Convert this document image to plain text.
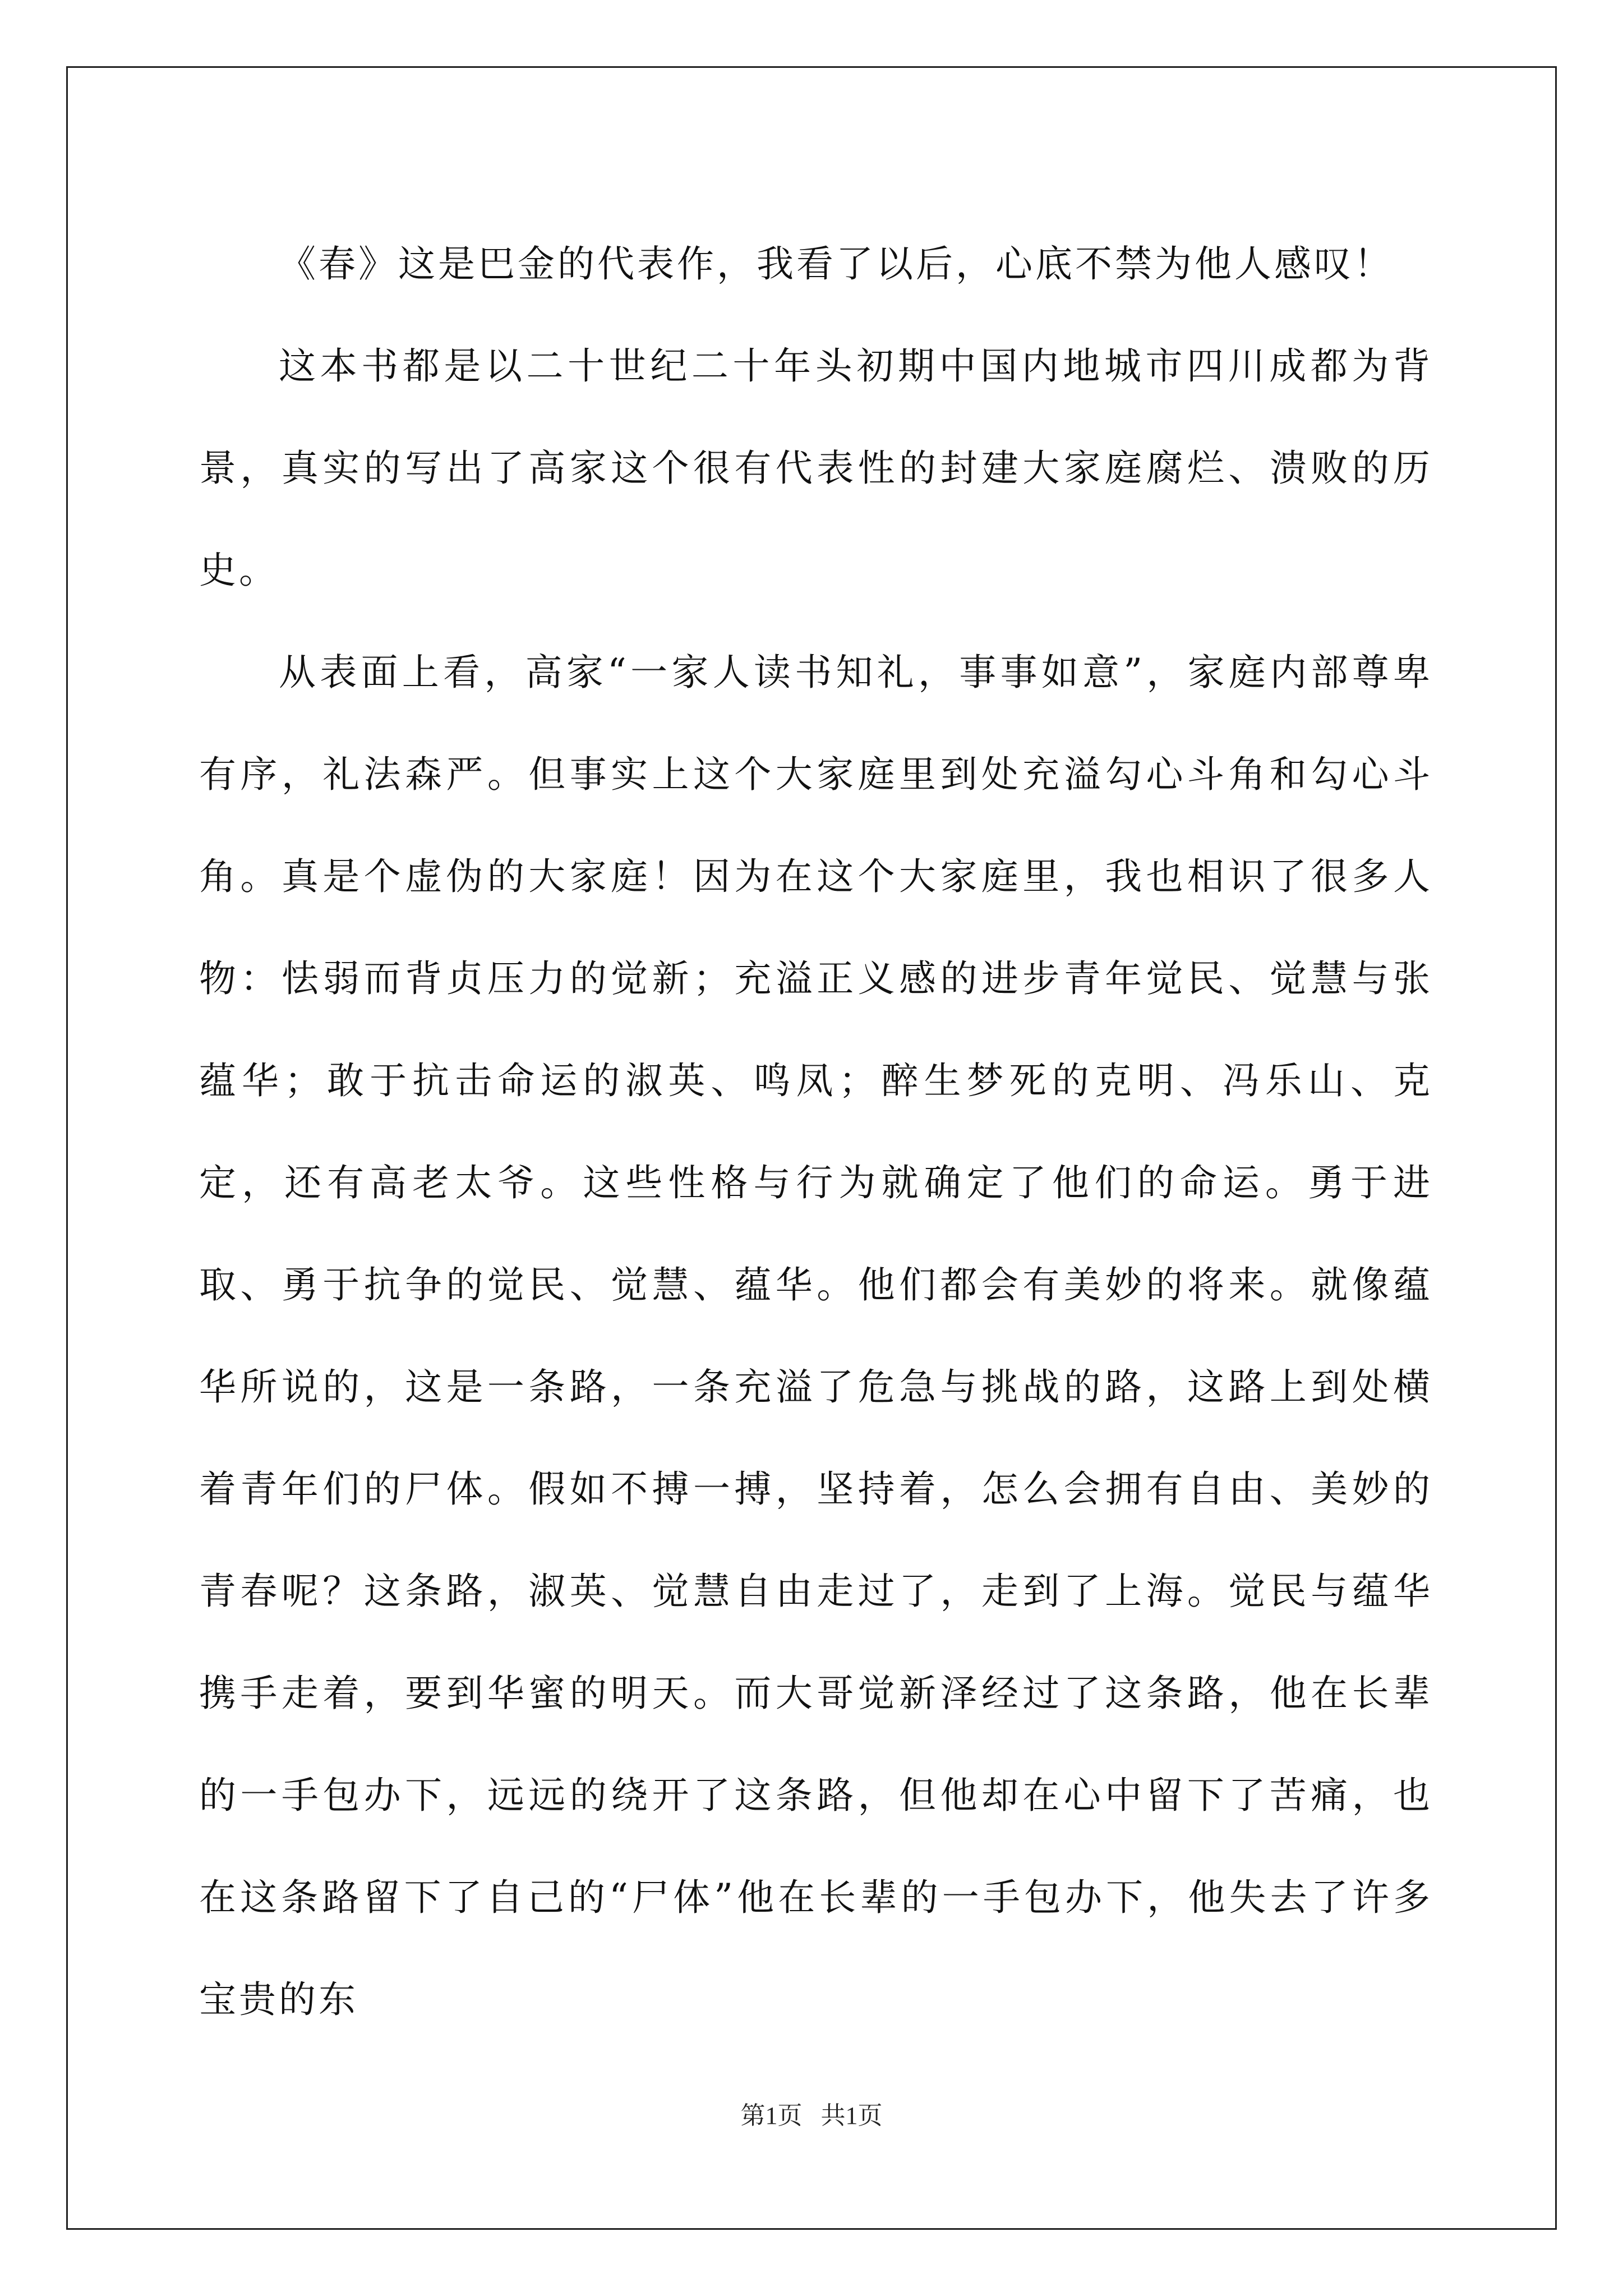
《春》这是巴金的代表作，我看了以后，心底不禁为他人感叹！

这本书都是以二十世纪二十年头初期中国内地城市四川成都为背景，真实的写出了高家这个很有代表性的封建大家庭腐烂、溃败的历史。

从表面上看，高家“一家人读书知礼，事事如意”，家庭内部尊卑有序，礼法森严。但事实上这个大家庭里到处充溢勾心斗角和勾心斗角。真是个虚伪的大家庭！因为在这个大家庭里，我也相识了很多人物：怯弱而背贞压力的觉新；充溢正义感的进步青年觉民、觉慧与张蕴华；敢于抗击命运的淑英、鸣凤；醉生梦死的克明、冯乐山、克定，还有高老太爷。这些性格与行为就确定了他们的命运。勇于进取、勇于抗争的觉民、觉慧、蕴华。他们都会有美妙的将来。就像蕴华所说的，这是一条路，一条充溢了危急与挑战的路，这路上到处横着青年们的尸体。假如不搏一搏，坚持着，怎么会拥有自由、美妙的青春呢？这条路，淑英、觉慧自由走过了，走到了上海。觉民与蕴华携手走着，要到华蜜的明天。而大哥觉新泽经过了这条路，他在长辈的一手包办下，远远的绕开了这条路，但他却在心中留下了苦痛，也在这条路留下了自己的“尸体”他在长辈的一手包办下，他失去了许多宝贵的东

第1页   共1页
